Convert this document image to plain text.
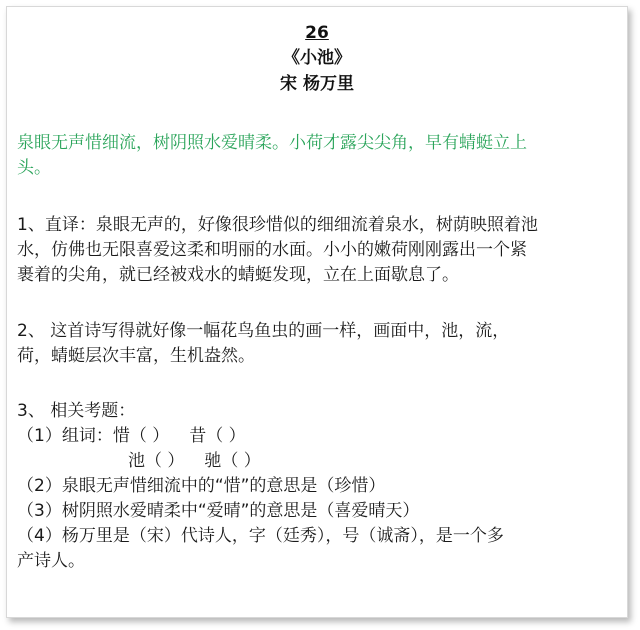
26
《小池》
宋 杨万里
泉眼无声惜细流，树阴照水爱晴柔。小荷才露尖尖角，早有蜻蜓立上
头。
1、直译：泉眼无声的，好像很珍惜似的细细流着泉水，树荫映照着池
水，仿佛也无限喜爱这柔和明丽的水面。小小的嫩荷刚刚露出一个紧
裹着的尖角，就已经被戏水的蜻蜓发现，立在上面歇息了。
2、 这首诗写得就好像一幅花鸟鱼虫的画一样，画面中，池，流，
荷，蜻蜓层次丰富，生机盎然。
3、 相关考题：
（1）组词：惜（ ） 昔（ ）
池（ ） 驰（ ）
（2）泉眼无声惜细流中的“惜”的意思是（珍惜）
（3）树阴照水爱晴柔中“爱晴”的意思是（喜爱晴天）
（4）杨万里是（宋）代诗人，字（廷秀），号（诚斋），是一个多
产诗人。
